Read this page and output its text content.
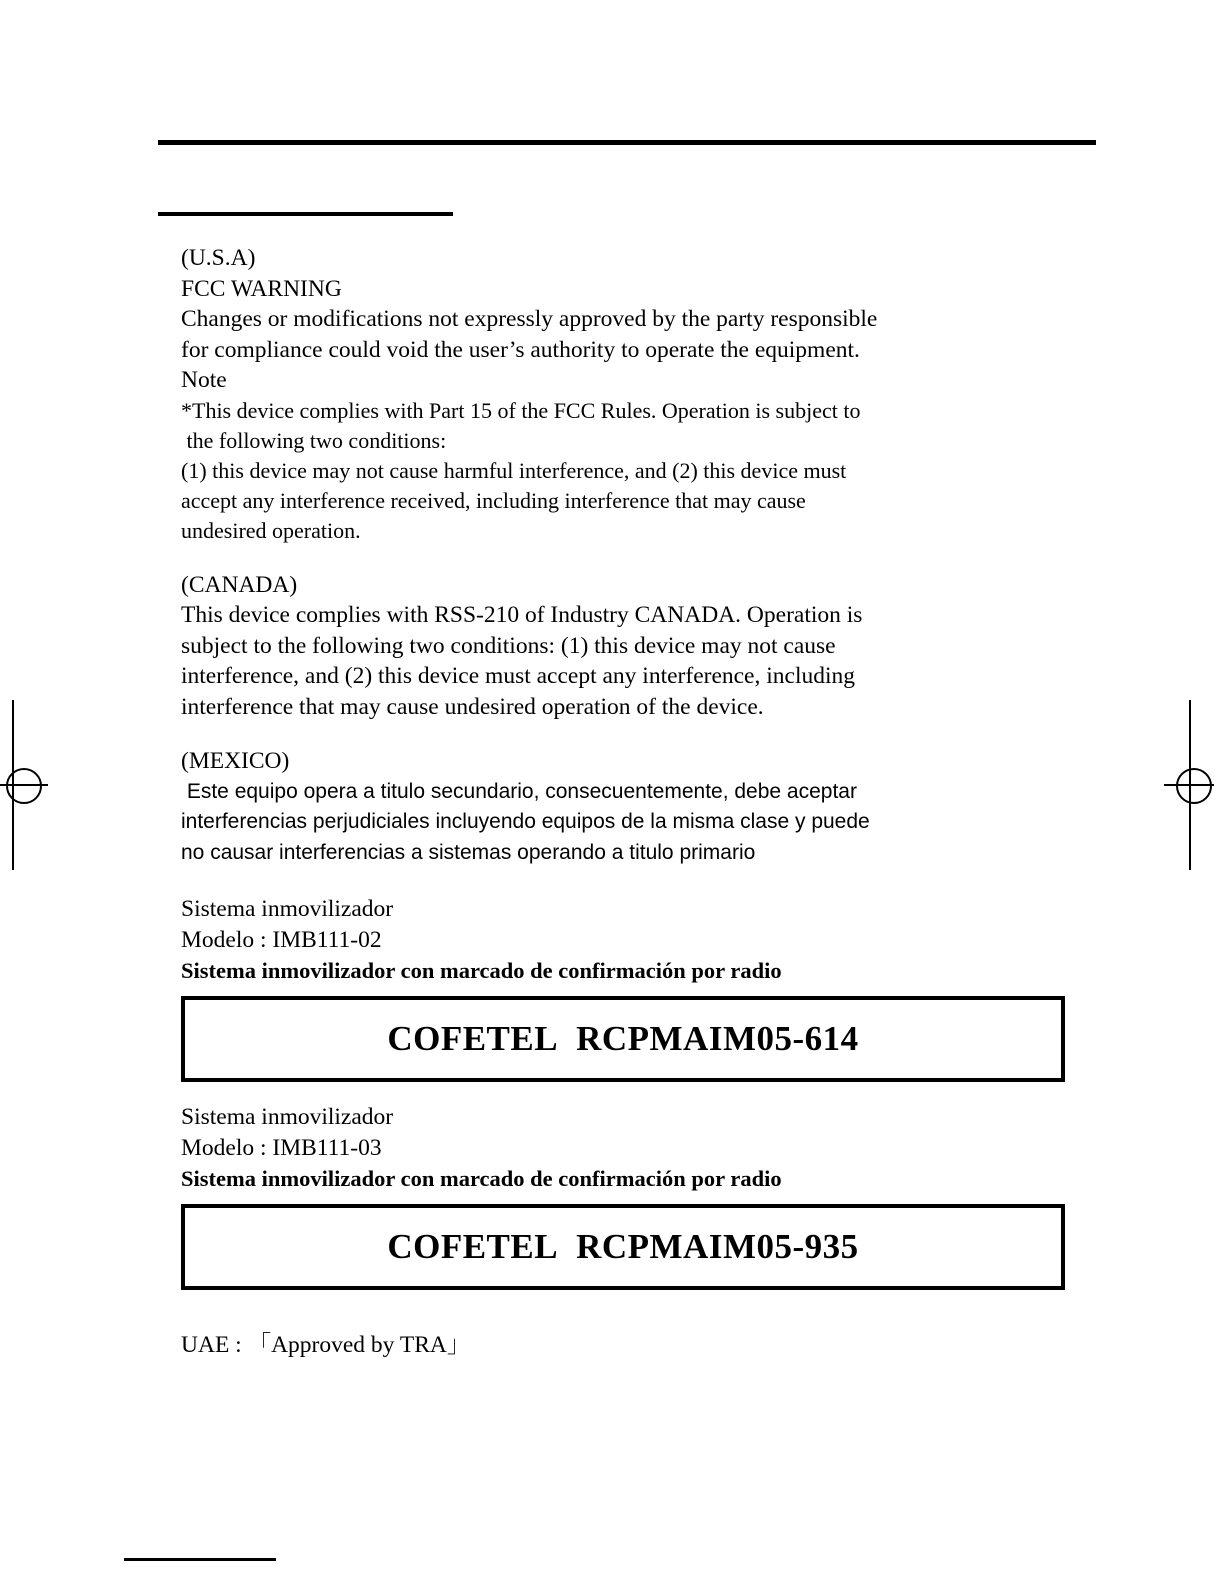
(U.S.A)
FCC WARNING
Changes or modifications not expressly approved by the party responsible
for compliance could void the user’s authority to operate the equipment.
Note
*This device complies with Part 15 of the FCC Rules. Operation is subject to
the following two conditions:
(1) this device may not cause harmful interference, and (2) this device must
accept any interference received, including interference that may cause
undesired operation.
(CANADA)
This device complies with RSS-210 of Industry CANADA. Operation is
subject to the following two conditions: (1) this device may not cause
interference, and (2) this device must accept any interference, including
interference that may cause undesired operation of the device.
(MEXICO)
Este equipo opera a titulo secundario, consecuentemente, debe aceptar
interferencias perjudiciales incluyendo equipos de la misma clase y puede
no causar interferencias a sistemas operando a titulo primario
Sistema inmovilizador
Modelo : IMB111-02
Sistema inmovilizador con marcado de confirmación por radio
COFETEL RCPMAIM05-614
Sistema inmovilizador
Modelo : IMB111-03
Sistema inmovilizador con marcado de confirmación por radio
COFETEL RCPMAIM05-935
UAE : 「Approved by TRA」
